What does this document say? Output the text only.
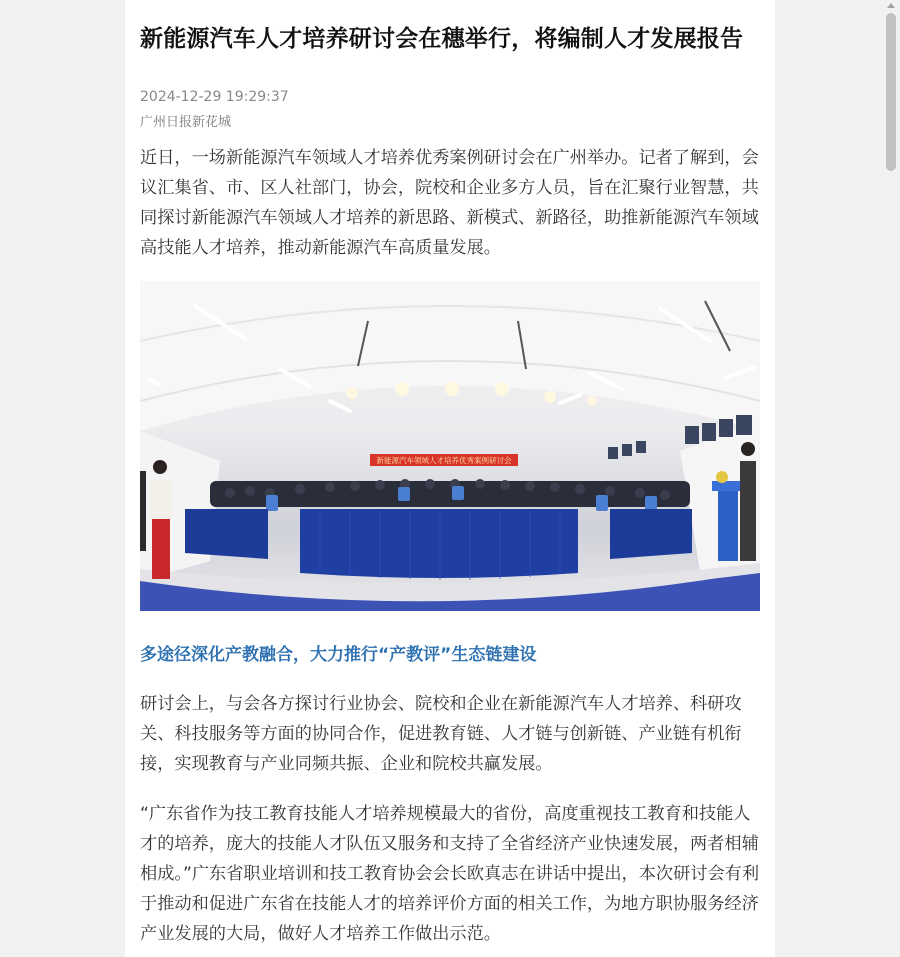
新能源汽车人才培养研讨会在穗举行，将编制人才发展报告
2024-12-29 19:29:37
广州日报新花城

近日，一场新能源汽车领域人才培养优秀案例研讨会在广州举办。记者了解到，会议汇集省、市、区人社部门，协会，院校和企业多方人员，旨在汇聚行业智慧，共同探讨新能源汽车领域人才培养的新思路、新模式、新路径，助推新能源汽车领域高技能人才培养，推动新能源汽车高质量发展。

新能源汽车领域人才培养优秀案例研讨会
多途径深化产教融合，大力推行“产教评”生态链建设

研讨会上，与会各方探讨行业协会、院校和企业在新能源汽车人才培养、科研攻关、科技服务等方面的协同合作，促进教育链、人才链与创新链、产业链有机衔接，实现教育与产业同频共振、企业和院校共赢发展。

“广东省作为技工教育技能人才培养规模最大的省份，高度重视技工教育和技能人才的培养，庞大的技能人才队伍又服务和支持了全省经济产业快速发展，两者相辅相成。”广东省职业培训和技工教育协会会长欧真志在讲话中提出，本次研讨会有利于推动和促进广东省在技能人才的培养评价方面的相关工作，为地方职协服务经济产业发展的大局，做好人才培养工作做出示范。
